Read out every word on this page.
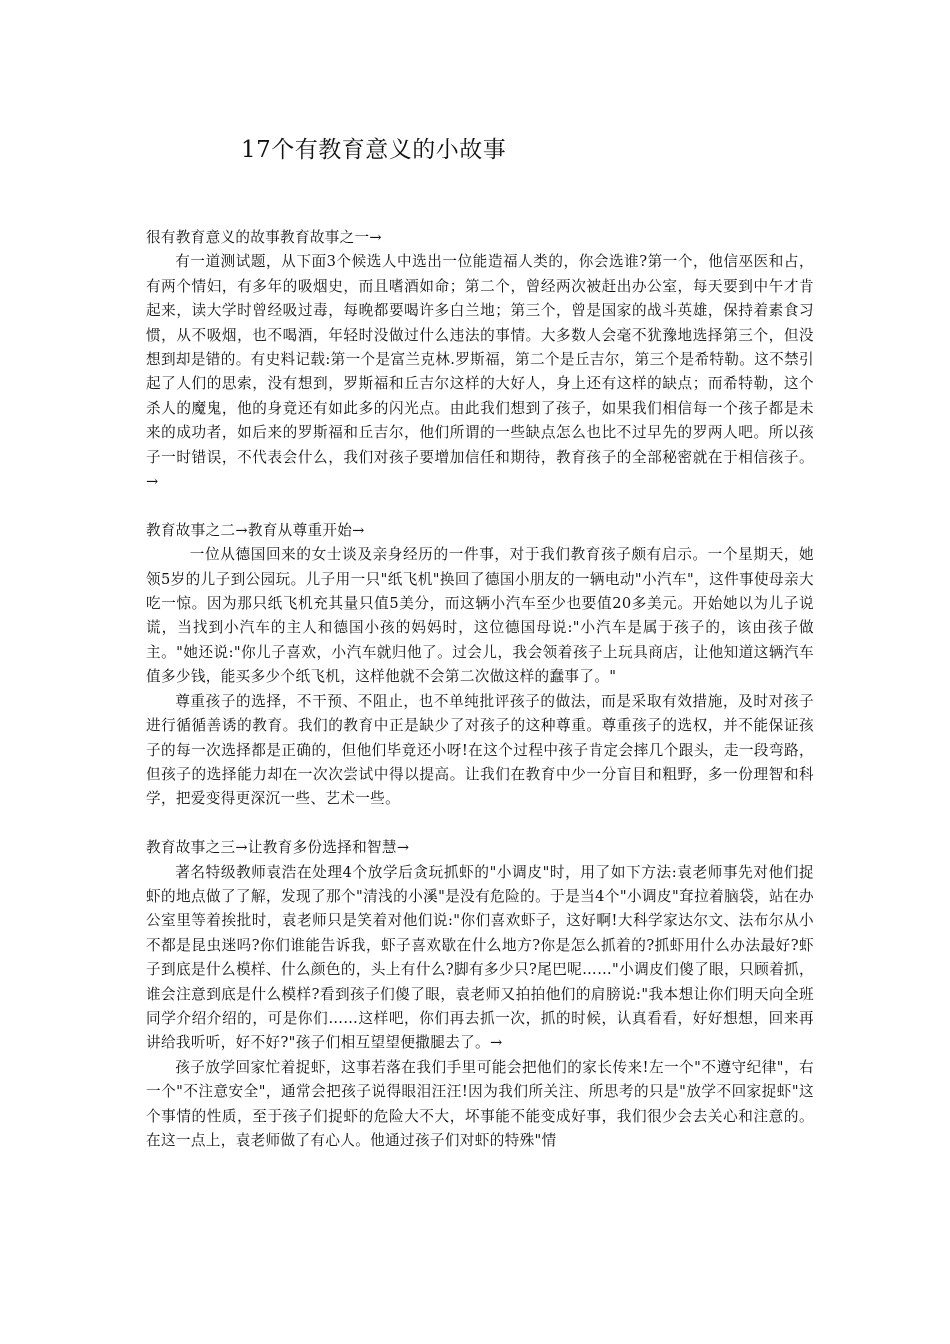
17个有教育意义的小故事

很有教育意义的故事教育故事之一→

有一道测试题，从下面3个候选人中选出一位能造福人类的，你会选谁?第一个，他信巫医和占，有两个情妇，有多年的吸烟史，而且嗜酒如命；第二个，曾经两次被赶出办公室，每天要到中午才肯起来，读大学时曾经吸过毒，每晚都要喝许多白兰地；第三个，曾是国家的战斗英雄，保持着素食习惯，从不吸烟，也不喝酒，年轻时没做过什么违法的事情。大多数人会毫不犹豫地选择第三个，但没想到却是错的。有史料记载:第一个是富兰克林.罗斯福，第二个是丘吉尔，第三个是希特勒。这不禁引起了人们的思索，没有想到，罗斯福和丘吉尔这样的大好人，身上还有这样的缺点；而希特勒，这个杀人的魔鬼，他的身竟还有如此多的闪光点。由此我们想到了孩子，如果我们相信每一个孩子都是未来的成功者，如后来的罗斯福和丘吉尔，他们所谓的一些缺点怎么也比不过早先的罗两人吧。所以孩子一时错误，不代表会什么，我们对孩子要增加信任和期待，教育孩子的全部秘密就在于相信孩子。→

教育故事之二→教育从尊重开始→

一位从德国回来的女士谈及亲身经历的一件事，对于我们教育孩子颇有启示。一个星期天，她领5岁的儿子到公园玩。儿子用一只"纸飞机"换回了德国小朋友的一辆电动"小汽车"，这件事使母亲大吃一惊。因为那只纸飞机充其量只值5美分，而这辆小汽车至少也要值20多美元。开始她以为儿子说谎，当找到小汽车的主人和德国小孩的妈妈时，这位德国母说:"小汽车是属于孩子的，该由孩子做主。"她还说:"你儿子喜欢，小汽车就归他了。过会儿，我会领着孩子上玩具商店，让他知道这辆汽车值多少钱，能买多少个纸飞机，这样他就不会第二次做这样的蠢事了。"

尊重孩子的选择，不干预、不阻止，也不单纯批评孩子的做法，而是采取有效措施，及时对孩子进行循循善诱的教育。我们的教育中正是缺少了对孩子的这种尊重。尊重孩子的选权，并不能保证孩子的每一次选择都是正确的，但他们毕竟还小呀!在这个过程中孩子肯定会摔几个跟头，走一段弯路，但孩子的选择能力却在一次次尝试中得以提高。让我们在教育中少一分盲目和粗野，多一份理智和科学，把爱变得更深沉一些、艺术一些。

教育故事之三→让教育多份选择和智慧→

著名特级教师袁浩在处理4个放学后贪玩抓虾的"小调皮"时，用了如下方法:袁老师事先对他们捉虾的地点做了了解，发现了那个"清浅的小溪"是没有危险的。于是当4个"小调皮"耷拉着脑袋，站在办公室里等着挨批时，袁老师只是笑着对他们说:"你们喜欢虾子，这好啊!大科学家达尔文、法布尔从小不都是昆虫迷吗?你们谁能告诉我，虾子喜欢歇在什么地方?你是怎么抓着的?抓虾用什么办法最好?虾子到底是什么模样、什么颜色的，头上有什么?脚有多少只?尾巴呢……"小调皮们傻了眼，只顾着抓，谁会注意到底是什么模样?看到孩子们傻了眼，袁老师又拍拍他们的肩膀说:"我本想让你们明天向全班同学介绍介绍的，可是你们……这样吧，你们再去抓一次，抓的时候，认真看看，好好想想，回来再讲给我听听，好不好?"孩子们相互望望便撒腿去了。→

孩子放学回家忙着捉虾，这事若落在我们手里可能会把他们的家长传来!左一个"不遵守纪律"，右一个"不注意安全"，通常会把孩子说得眼泪汪汪!因为我们所关注、所思考的只是"放学不回家捉虾"这个事情的性质，至于孩子们捉虾的危险大不大，坏事能不能变成好事，我们很少会去关心和注意的。在这一点上，袁老师做了有心人。他通过孩子们对虾的特殊"情
